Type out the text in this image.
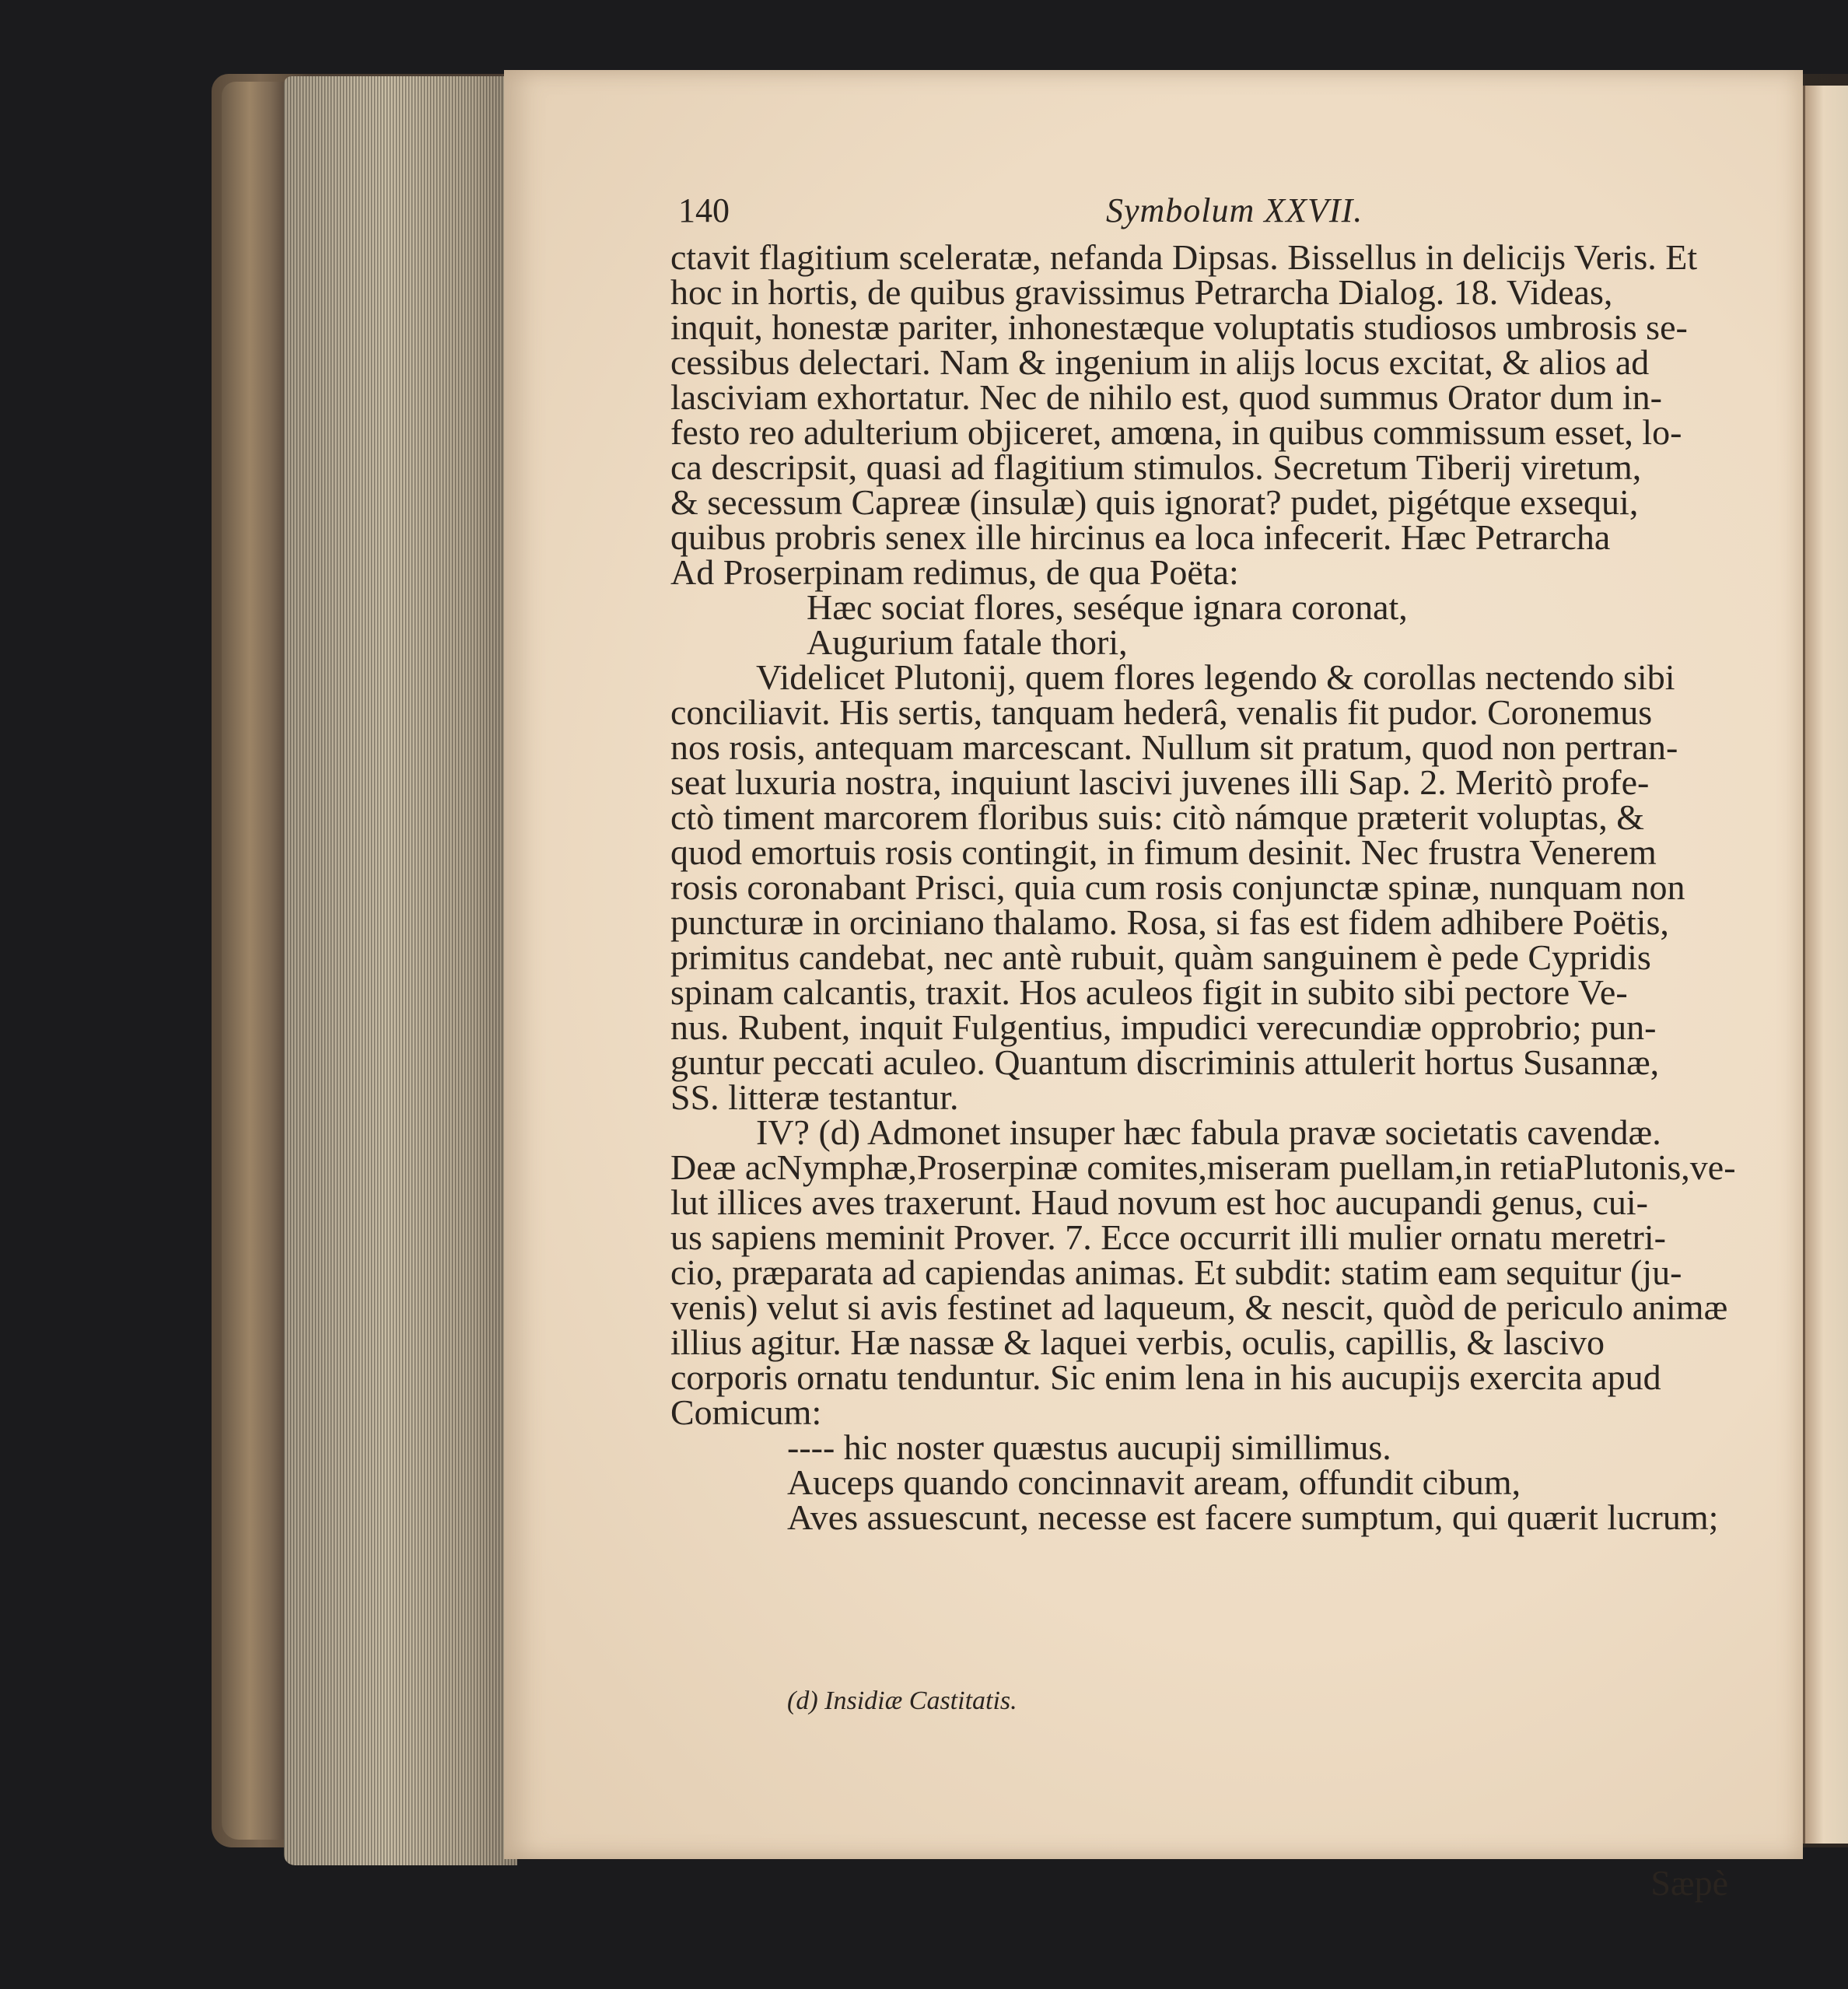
140	Symbolum XXVII.
ctavit flagitium sceleratæ, nefanda Dipsas. Bissellus in delicijs Veris. Et
hoc in hortis, de quibus gravissimus Petrarcha Dialog. 18. Videas,
inquit, honestæ pariter, inhonestæque voluptatis studiosos umbrosis se-
cessibus delectari. Nam & ingenium in alijs locus excitat, & alios ad
lasciviam exhortatur. Nec de nihilo est, quod summus Orator dum in-
festo reo adulterium objiceret, amœna, in quibus commissum esset, lo-
ca descripsit, quasi ad flagitium stimulos. Secretum Tiberij viretum,
& secessum Capreæ (insulæ) quis ignorat? pudet, pigétque exsequi,
quibus probris senex ille hircinus ea loca infecerit. Hæc Petrarcha
Ad Proserpinam redimus, de qua Poëta:
Hæc sociat flores, seséque ignara coronat,
Augurium fatale thori,
Videlicet Plutonij, quem flores legendo & corollas nectendo sibi
conciliavit. His sertis, tanquam hederâ, venalis fit pudor. Coronemus
nos rosis, antequam marcescant. Nullum sit pratum, quod non pertran-
seat luxuria nostra, inquiunt lascivi juvenes illi Sap. 2. Meritò profe-
ctò timent marcorem floribus suis: citò námque præterit voluptas, &
quod emortuis rosis contingit, in fimum desinit. Nec frustra Venerem
rosis coronabant Prisci, quia cum rosis conjunctæ spinæ, nunquam non
puncturæ in orciniano thalamo. Rosa, si fas est fidem adhibere Poëtis,
primitus candebat, nec antè rubuit, quàm sanguinem è pede Cypridis
spinam calcantis, traxit. Hos aculeos figit in subito sibi pectore Ve-
nus. Rubent, inquit Fulgentius, impudici verecundiæ opprobrio; pun-
guntur peccati aculeo. Quantum discriminis attulerit hortus Susannæ,
SS. litteræ testantur.
IV? (d) Admonet insuper hæc fabula pravæ societatis cavendæ.
Deæ acNymphæ,Proserpinæ comites,miseram puellam,in retiaPlutonis,ve-
lut illices aves traxerunt. Haud novum est hoc aucupandi genus, cui-
us sapiens meminit Prover. 7. Ecce occurrit illi mulier ornatu meretri-
cio, præparata ad capiendas animas. Et subdit: statim eam sequitur (ju-
venis) velut si avis festinet ad laqueum, & nescit, quòd de periculo animæ
illius agitur. Hæ nassæ & laquei verbis, oculis, capillis, & lascivo
corporis ornatu tenduntur. Sic enim lena in his aucupijs exercita apud
Comicum:
---- hic noster quæstus aucupij simillimus.
Auceps quando concinnavit aream, offundit cibum,
Aves assuescunt, necesse est facere sumptum, qui quærit lucrum;
Sæpè
(d) Insidiæ Castitatis.
